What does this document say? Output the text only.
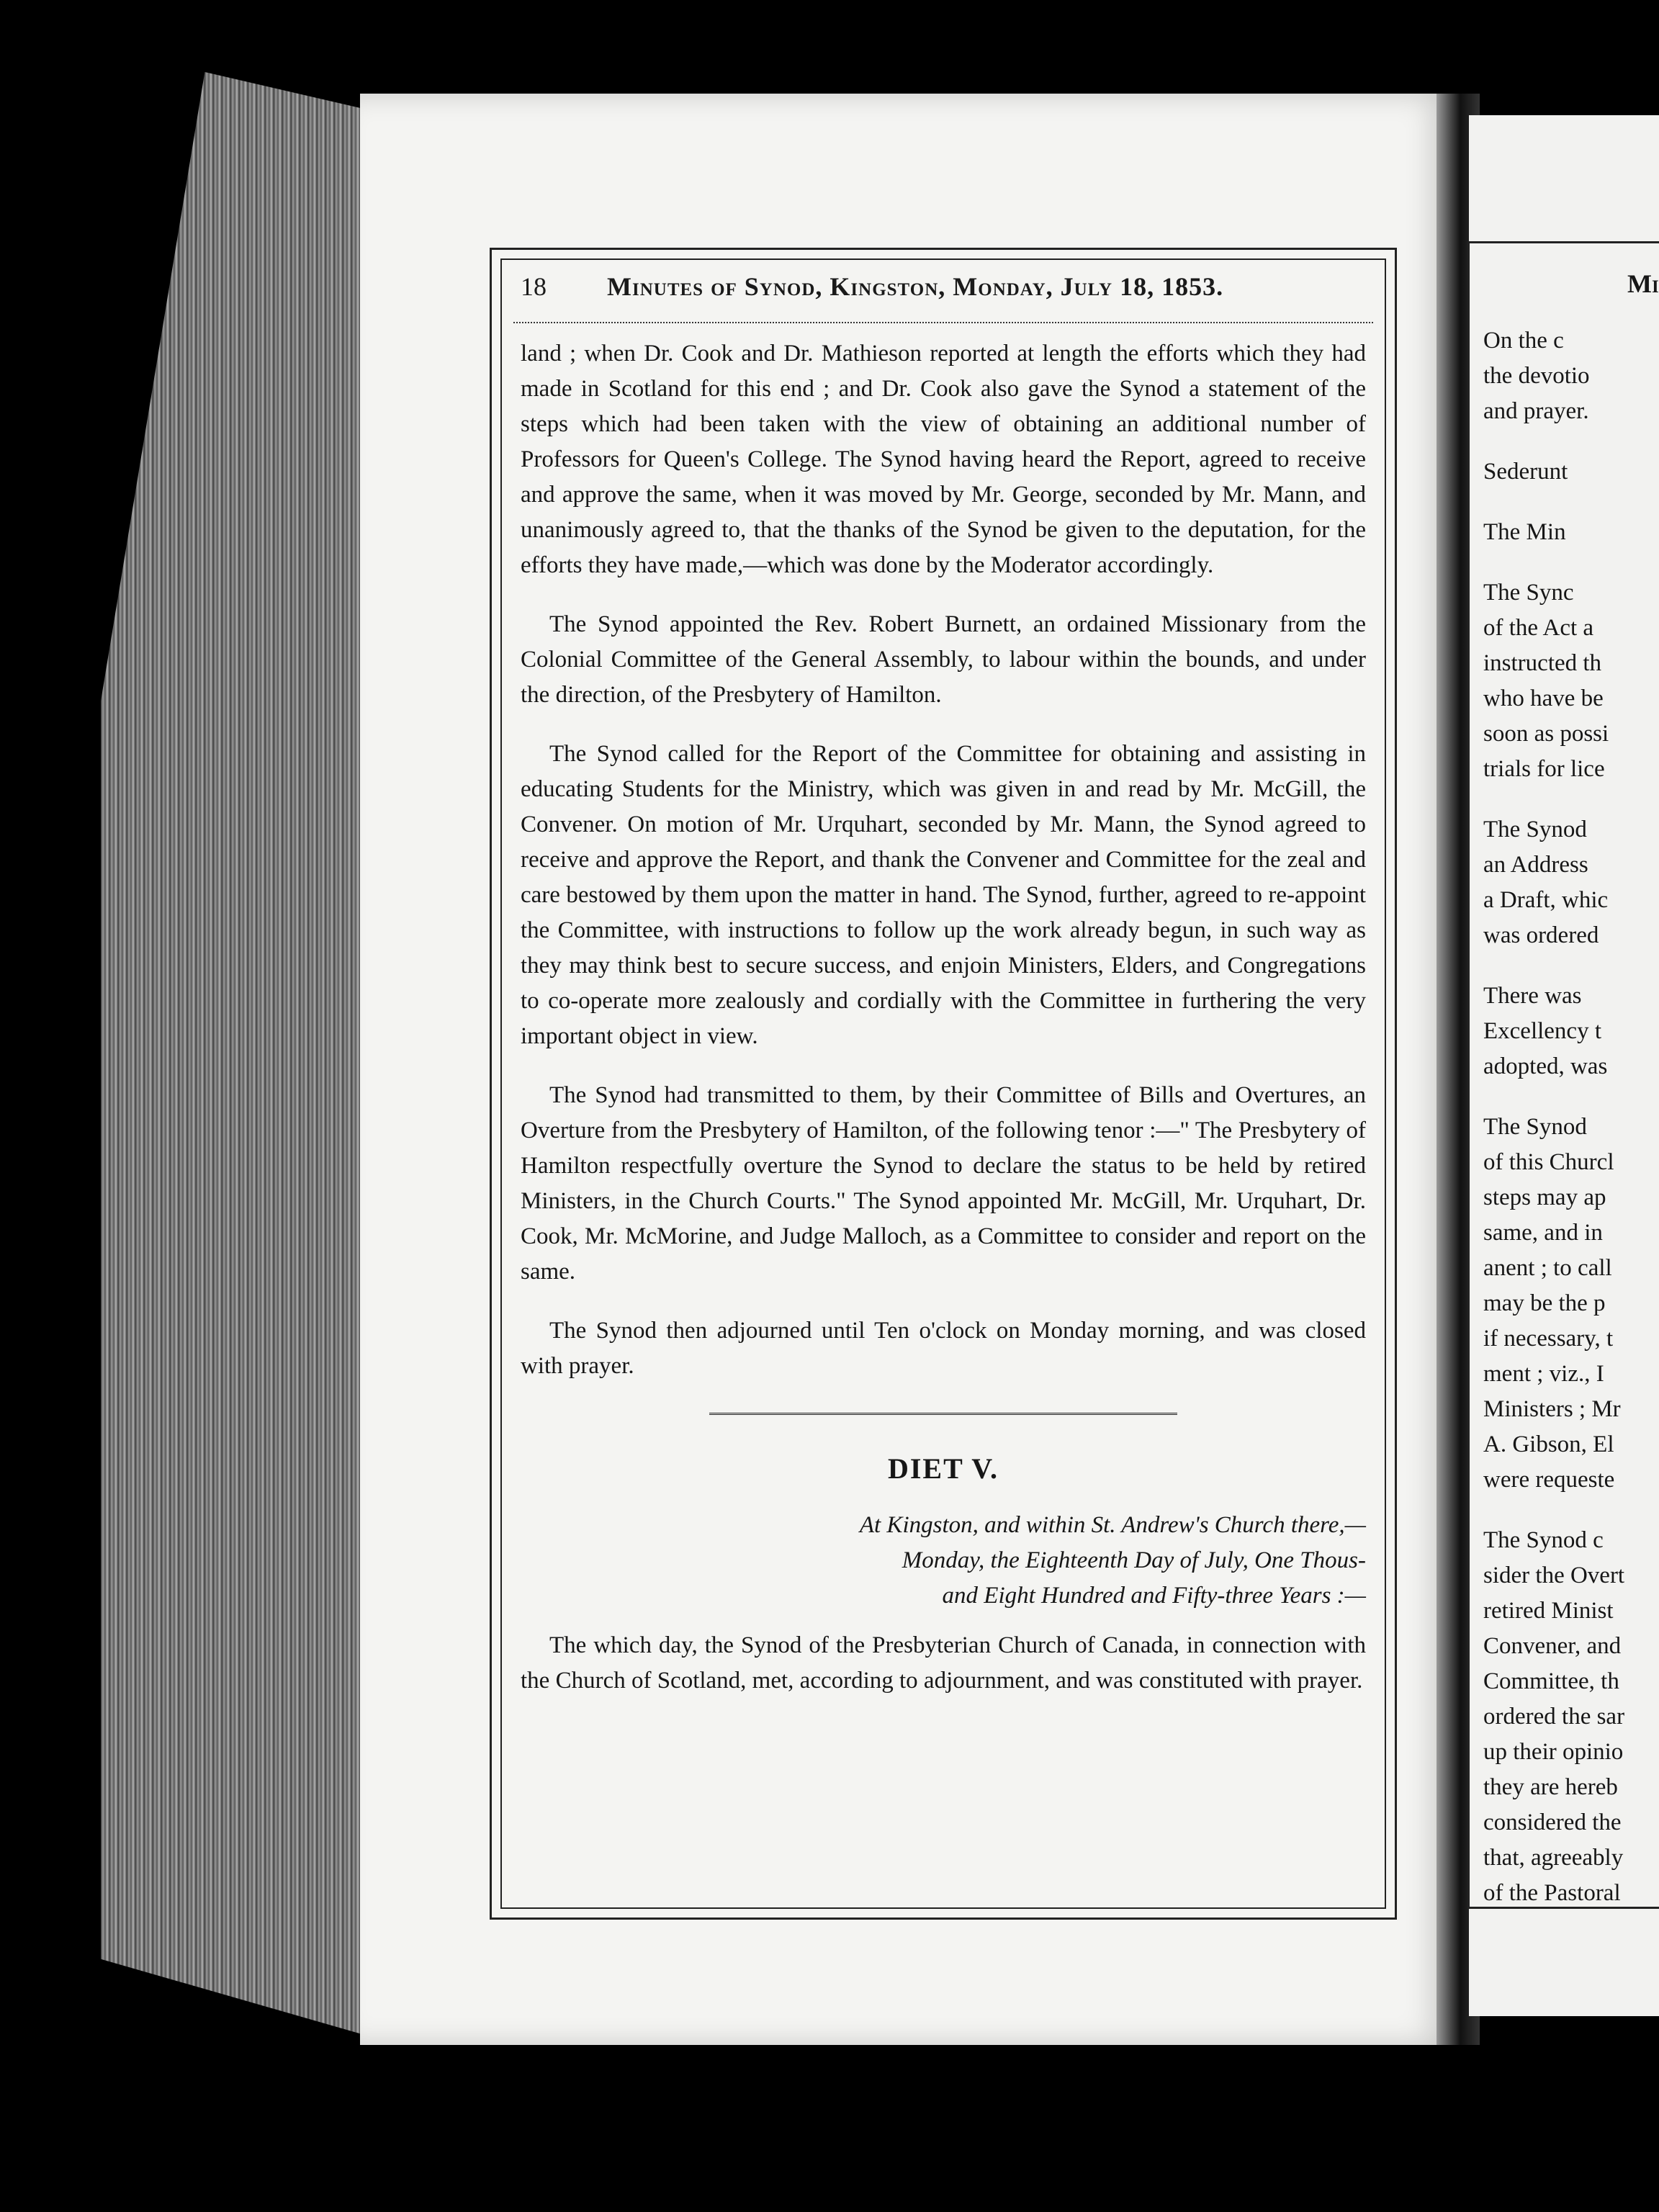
18 Minutes of Synod, Kingston, Monday, July 18, 1853.

land ; when Dr. Cook and Dr. Mathieson reported at length the efforts which they had made in Scotland for this end ; and Dr. Cook also gave the Synod a statement of the steps which had been taken with the view of obtaining an additional number of Professors for Queen's College. The Synod having heard the Report, agreed to receive and approve the same, when it was moved by Mr. George, seconded by Mr. Mann, and unanimously agreed to, that the thanks of the Synod be given to the deputation, for the efforts they have made,—which was done by the Moderator accordingly.

The Synod appointed the Rev. Robert Burnett, an ordained Missionary from the Colonial Committee of the General Assembly, to labour within the bounds, and under the direction, of the Presbytery of Hamilton.

The Synod called for the Report of the Committee for obtaining and assisting in educating Students for the Ministry, which was given in and read by Mr. McGill, the Convener. On motion of Mr. Urquhart, seconded by Mr. Mann, the Synod agreed to receive and approve the Report, and thank the Convener and Committee for the zeal and care bestowed by them upon the matter in hand. The Synod, further, agreed to re-appoint the Committee, with instructions to follow up the work already begun, in such way as they may think best to secure success, and enjoin Ministers, Elders, and Congregations to co-operate more zealously and cordially with the Committee in furthering the very important object in view.

The Synod had transmitted to them, by their Committee of Bills and Overtures, an Overture from the Presbytery of Hamilton, of the following tenor :—" The Presbytery of Hamilton respectfully overture the Synod to declare the status to be held by retired Ministers, in the Church Courts." The Synod appointed Mr. McGill, Mr. Urquhart, Dr. Cook, Mr. McMorine, and Judge Malloch, as a Committee to consider and report on the same.

The Synod then adjourned until Ten o'clock on Monday morning, and was closed with prayer.

DIET V.
At Kingston, and within St. Andrew's Church there,—
Monday, the Eighteenth Day of July, One Thous-
and Eight Hundred and Fifty-three Years :—

The which day, the Synod of the Presbyterian Church of Canada, in connection with the Church of Scotland, met, according to adjournment, and was constituted with prayer.

Mi
On the c
the devotio
and prayer.
Sederunt
The Min
The Sync
of the Act a
instructed th
who have be
soon as possi
trials for lice
The Synod
an Address
a Draft, whic
was ordered
There was
Excellency t
adopted, was
The Synod
of this Churcl
steps may ap
same, and in
anent ; to call
may be the p
if necessary, t
ment ; viz., I
Ministers ; Mr
A. Gibson, El
were requeste
The Synod c
sider the Overt
retired Minist
Convener, and
Committee, th
ordered the sar
up their opinio
they are hereb
considered the
that, agreeably
of the Pastoral
